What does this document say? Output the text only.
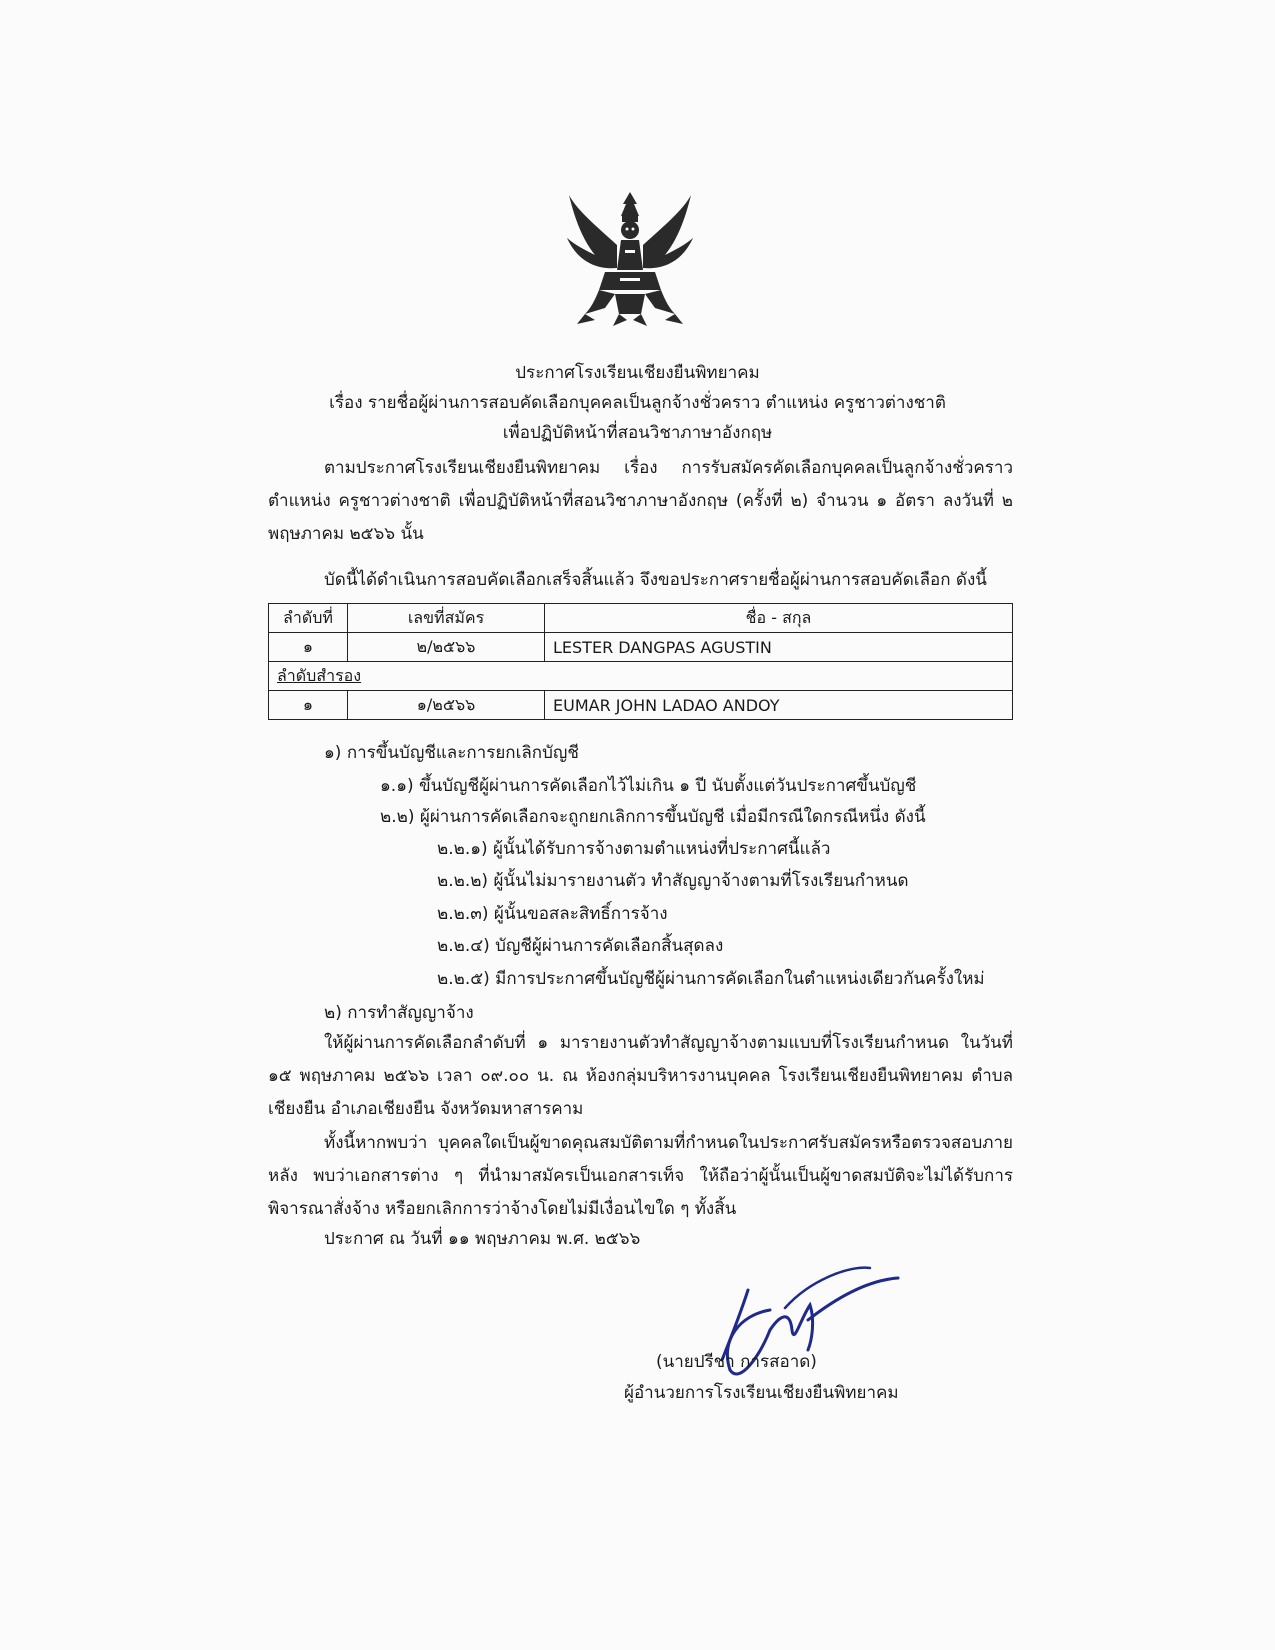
ประกาศโรงเรียนเชียงยืนพิทยาคม
เรื่อง รายชื่อผู้ผ่านการสอบคัดเลือกบุคคลเป็นลูกจ้างชั่วคราว ตำแหน่ง ครูชาวต่างชาติ
เพื่อปฏิบัติหน้าที่สอนวิชาภาษาอังกฤษ
ตามประกาศโรงเรียนเชียงยืนพิทยาคม เรื่อง การรับสมัครคัดเลือกบุคคลเป็นลูกจ้างชั่วคราว ตำแหน่ง ครูชาวต่างชาติ เพื่อปฏิบัติหน้าที่สอนวิชาภาษาอังกฤษ (ครั้งที่ ๒) จำนวน ๑ อัตรา ลงวันที่ ๒ พฤษภาคม ๒๕๖๖ นั้น
บัดนี้ได้ดำเนินการสอบคัดเลือกเสร็จสิ้นแล้ว จึงขอประกาศรายชื่อผู้ผ่านการสอบคัดเลือก ดังนี้
ลำดับที่	เลขที่สมัคร	ชื่อ - สกุล
๑	๒/๒๕๖๖	LESTER DANGPAS AGUSTIN
ลำดับสำรอง		
๑	๑/๒๕๖๖	EUMAR JOHN LADAO ANDOY
๑) การขึ้นบัญชีและการยกเลิกบัญชี
๑.๑) ขึ้นบัญชีผู้ผ่านการคัดเลือกไว้ไม่เกิน ๑ ปี นับตั้งแต่วันประกาศขึ้นบัญชี
๒.๒) ผู้ผ่านการคัดเลือกจะถูกยกเลิกการขึ้นบัญชี เมื่อมีกรณีใดกรณีหนึ่ง ดังนี้
๒.๒.๑) ผู้นั้นได้รับการจ้างตามตำแหน่งที่ประกาศนี้แล้ว
๒.๒.๒) ผู้นั้นไม่มารายงานตัว ทำสัญญาจ้างตามที่โรงเรียนกำหนด
๒.๒.๓) ผู้นั้นขอสละสิทธิ์การจ้าง
๒.๒.๔) บัญชีผู้ผ่านการคัดเลือกสิ้นสุดลง
๒.๒.๕) มีการประกาศขึ้นบัญชีผู้ผ่านการคัดเลือกในตำแหน่งเดียวกันครั้งใหม่
๒) การทำสัญญาจ้าง
ให้ผู้ผ่านการคัดเลือกลำดับที่ ๑ มารายงานตัวทำสัญญาจ้างตามแบบที่โรงเรียนกำหนด ในวันที่ ๑๕ พฤษภาคม ๒๕๖๖ เวลา ๐๙.๐๐ น. ณ ห้องกลุ่มบริหารงานบุคคล โรงเรียนเชียงยืนพิทยาคม ตำบลเชียงยืน อำเภอเชียงยืน จังหวัดมหาสารคาม
ทั้งนี้หากพบว่า บุคคลใดเป็นผู้ขาดคุณสมบัติตามที่กำหนดในประกาศรับสมัครหรือตรวจสอบภายหลัง พบว่าเอกสารต่าง ๆ ที่นำมาสมัครเป็นเอกสารเท็จ ให้ถือว่าผู้นั้นเป็นผู้ขาดสมบัติจะไม่ได้รับการพิจารณาสั่งจ้าง หรือยกเลิกการว่าจ้างโดยไม่มีเงื่อนไขใด ๆ ทั้งสิ้น
ประกาศ ณ วันที่ ๑๑ พฤษภาคม พ.ศ. ๒๕๖๖
(นายปรีชา การสอาด)
ผู้อำนวยการโรงเรียนเชียงยืนพิทยาคม
